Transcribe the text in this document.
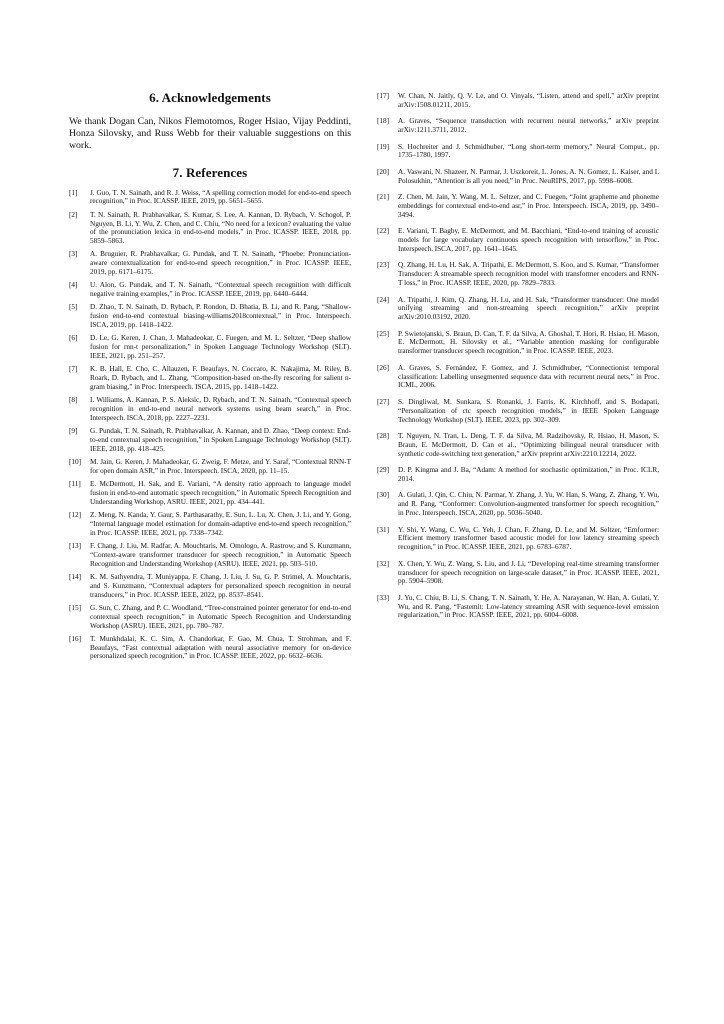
6. Acknowledgements

We thank Dogan Can, Nikos Flemotomos, Roger Hsiao, Vijay Peddinti, Honza Silovsky, and Russ Webb for their valuable suggestions on this work.

7. References
[1]	J. Guo, T. N. Sainath, and R. J. Weiss, “A spelling correction model for end-to-end speech recognition,” in Proc. ICASSP. IEEE, 2019, pp. 5651–5655.
[2]	T. N. Sainath, R. Prabhavalkar, S. Kumar, S. Lee, A. Kannan, D. Rybach, V. Schogol, P. Nguyen, B. Li, Y. Wu, Z. Chen, and C. Chiu, “No need for a lexicon? evaluating the value of the pronunciation lexica in end-to-end models,” in Proc. ICASSP. IEEE, 2018, pp. 5859–5863.
[3]	A. Bruguier, R. Prabhavalkar, G. Pundak, and T. N. Sainath, “Phoebe: Pronunciation-aware contextualization for end-to-end speech recognition,” in Proc. ICASSP. IEEE, 2019, pp. 6171–6175.
[4]	U. Alon, G. Pundak, and T. N. Sainath, “Contextual speech recognition with difficult negative training examples,” in Proc. ICASSP. IEEE, 2019, pp. 6440–6444.
[5]	D. Zhao, T. N. Sainath, D. Rybach, P. Rondon, D. Bhatia, B. Li, and R. Pang, “Shallow-fusion end-to-end contextual biasing-williams2018contextual,” in Proc. Interspeech. ISCA, 2019, pp. 1418–1422.
[6]	D. Le, G. Keren, J. Chan, J. Mahadeokar, C. Fuegen, and M. L. Seltzer, “Deep shallow fusion for rnn-t personalization,” in Spoken Language Technology Workshop (SLT). IEEE, 2021, pp. 251–257.
[7]	K. B. Hall, E. Cho, C. Allauzen, F. Beaufays, N. Coccaro, K. Nakajima, M. Riley, B. Roark, D. Rybach, and L. Zhang, “Composition-based on-the-fly rescoring for salient n-gram biasing,” in Proc. Interspeech. ISCA, 2015, pp. 1418–1422.
[8]	I. Williams, A. Kannan, P. S. Aleksic, D. Rybach, and T. N. Sainath, “Contextual speech recognition in end-to-end neural network systems using beam search,” in Proc. Interspeech. ISCA, 2018, pp. 2227–2231.
[9]	G. Pundak, T. N. Sainath, R. Prabhavalkar, A. Kannan, and D. Zhao, “Deep context: End-to-end contextual speech recognition,” in Spoken Language Technology Workshop (SLT). IEEE, 2018, pp. 418–425.
[10]	M. Jain, G. Keren, J. Mahadeokar, G. Zweig, F. Metze, and Y. Saraf, “Contextual RNN-T for open domain ASR,” in Proc. Interspeech. ISCA, 2020, pp. 11–15.
[11]	E. McDermott, H. Sak, and E. Variani, “A density ratio approach to language model fusion in end-to-end automatic speech recognition,” in Automatic Speech Recognition and Understanding Workshop, ASRU. IEEE, 2021, pp. 434–441.
[12]	Z. Meng, N. Kanda, Y. Gaur, S. Parthasarathy, E. Sun, L. Lu, X. Chen, J. Li, and Y. Gong, “Internal language model estimation for domain-adaptive end-to-end speech recognition,” in Proc. ICASSP. IEEE, 2021, pp. 7338–7342.
[13]	F. Chang, J. Liu, M. Radfar, A. Mouchtaris, M. Omologo, A. Rastrow, and S. Kunzmann, “Context-aware transformer transducer for speech recognition,” in Automatic Speech Recognition and Understanding Workshop (ASRU). IEEE, 2021, pp. 503–510.
[14]	K. M. Sathyendra, T. Muniyappa, F. Chang, J. Liu, J. Su, G. P. Strimel, A. Mouchtaris, and S. Kunzmann, “Contextual adapters for personalized speech recognition in neural transducers,” in Proc. ICASSP. IEEE, 2022, pp. 8537–8541.
[15]	G. Sun, C. Zhang, and P. C. Woodland, “Tree-constrained pointer generator for end-to-end contextual speech recognition,” in Automatic Speech Recognition and Understanding Workshop (ASRU). IEEE, 2021, pp. 780–787.
[16]	T. Munkhdalai, K. C. Sim, A. Chandorkar, F. Gao, M. Chua, T. Strohman, and F. Beaufays, “Fast contextual adaptation with neural associative memory for on-device personalized speech recognition,” in Proc. ICASSP. IEEE, 2022, pp. 6632–6636.
[17]	W. Chan, N. Jaitly, Q. V. Le, and O. Vinyals, “Listen, attend and spell,” arXiv preprint arXiv:1508.01211, 2015.
[18]	A. Graves, “Sequence transduction with recurrent neural networks,” arXiv preprint arXiv:1211.3711, 2012.
[19]	S. Hochreiter and J. Schmidhuber, “Long short-term memory,” Neural Comput., pp. 1735–1780, 1997.
[20]	A. Vaswani, N. Shazeer, N. Parmar, J. Uszkoreit, L. Jones, A. N. Gomez, L. Kaiser, and I. Polosukhin, “Attention is all you need,” in Proc. NeuRIPS, 2017, pp. 5998–6008.
[21]	Z. Chen, M. Jain, Y. Wang, M. L. Seltzer, and C. Fuegen, “Joint grapheme and phoneme embeddings for contextual end-to-end asr,” in Proc. Interspeech. ISCA, 2019, pp. 3490–3494.
[22]	E. Variani, T. Bagby, E. McDermott, and M. Bacchiani, “End-to-end training of acoustic models for large vocabulary continuous speech recognition with tensorflow,” in Proc. Interspeech. ISCA, 2017, pp. 1641–1645.
[23]	Q. Zhang, H. Lu, H. Sak, A. Tripathi, E. McDermott, S. Koo, and S. Kumar, “Transformer Transducer: A streamable speech recognition model with transformer encoders and RNN-T loss,” in Proc. ICASSP. IEEE, 2020, pp. 7829–7833.
[24]	A. Tripathi, J. Kim, Q. Zhang, H. Lu, and H. Sak, “Transformer transducer: One model unifying streaming and non-streaming speech recognition,” arXiv preprint arXiv:2010.03192, 2020.
[25]	P. Swietojanski, S. Braun, D. Can, T. F. da Silva, A. Ghoshal, T. Hori, R. Hsiao, H. Mason, E. McDermott, H. Silovsky et al., “Variable attention masking for configurable transformer transducer speech recognition,” in Proc. ICASSP. IEEE, 2023.
[26]	A. Graves, S. Fernández, F. Gomez, and J. Schmidhuber, “Connectionist temporal classification: Labelling unsegmented sequence data with recurrent neural nets,” in Proc. ICML, 2006.
[27]	S. Dingliwal, M. Sunkara, S. Ronanki, J. Farris, K. Kirchhoff, and S. Bodapati, “Personalization of ctc speech recognition models,” in IEEE Spoken Language Technology Workshop (SLT). IEEE, 2023, pp. 302–309.
[28]	T. Nguyen, N. Tran, L. Deng, T. F. da Silva, M. Radzihovsky, R. Hsiao, H. Mason, S. Braun, E. McDermott, D. Can et al., “Optimizing bilingual neural transducer with synthetic code-switching text generation,” arXiv preprint arXiv:2210.12214, 2022.
[29]	D. P. Kingma and J. Ba, “Adam: A method for stochastic optimization,” in Proc. ICLR, 2014.
[30]	A. Gulati, J. Qin, C. Chiu, N. Parmar, Y. Zhang, J. Yu, W. Han, S. Wang, Z. Zhang, Y. Wu, and R. Pang, “Conformer: Convolution-augmented transformer for speech recognition,” in Proc. Interspeech. ISCA, 2020, pp. 5036–5040.
[31]	Y. Shi, Y. Wang, C. Wu, C. Yeh, J. Chan, F. Zhang, D. Le, and M. Seltzer, “Emformer: Efficient memory transformer based acoustic model for low latency streaming speech recognition,” in Proc. ICASSP. IEEE, 2021, pp. 6783–6787.
[32]	X. Chen, Y. Wu, Z. Wang, S. Liu, and J. Li, “Developing real-time streaming transformer transducer for speech recognition on large-scale dataset,” in Proc. ICASSP. IEEE, 2021, pp. 5904–5908.
[33]	J. Yu, C. Chiu, B. Li, S. Chang, T. N. Sainath, Y. He, A. Narayanan, W. Han, A. Gulati, Y. Wu, and R. Pang, “Fastemit: Low-latency streaming ASR with sequence-level emission regularization,” in Proc. ICASSP. IEEE, 2021, pp. 6004–6008.
